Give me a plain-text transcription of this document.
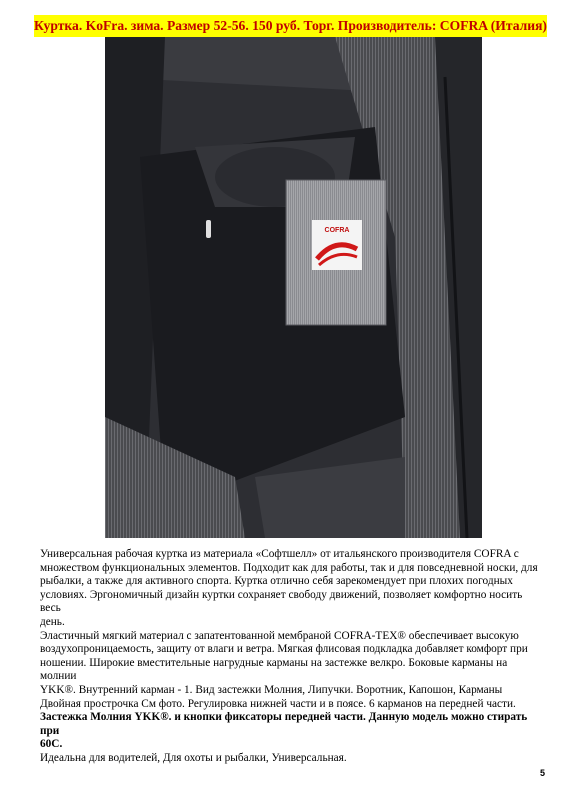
Куртка. KoFra. зима. Размер 52-56. 150 руб. Торг. Производитель: COFRA (Италия)
COFRA

Универсальная рабочая куртка из материала «Софтшелл» от итальянского производителя COFRA с

множеством функциональных элементов. Подходит как для работы, так и для повседневной носки, для

рыбалки, а также для активного спорта. Куртка отлично себя зарекомендует при плохих погодных

условиях. Эргономичный дизайн куртки сохраняет свободу движений, позволяет комфортно носить весь

день.

Эластичный мягкий материал с запатентованной мембраной COFRA-TEX® обеспечивает высокую

воздухопроницаемость, защиту от влаги и ветра. Мягкая флисовая подкладка добавляет комфорт при

ношении. Широкие вместительные нагрудные карманы на застежке велкро. Боковые карманы на молнии

YKK®. Внутренний карман - 1. Вид застежки Молния, Липучки. Воротник, Капошон, Карманы

Двойная прострочка См фото. Регулировка нижней части и в поясе. 6 карманов на передней части.

Застежка Молния YKK®. и кнопки фиксаторы передней части. Данную модель можно стирать при

60С.

Идеальна для водителей, Для охоты и рыбалки, Универсальная.

5
